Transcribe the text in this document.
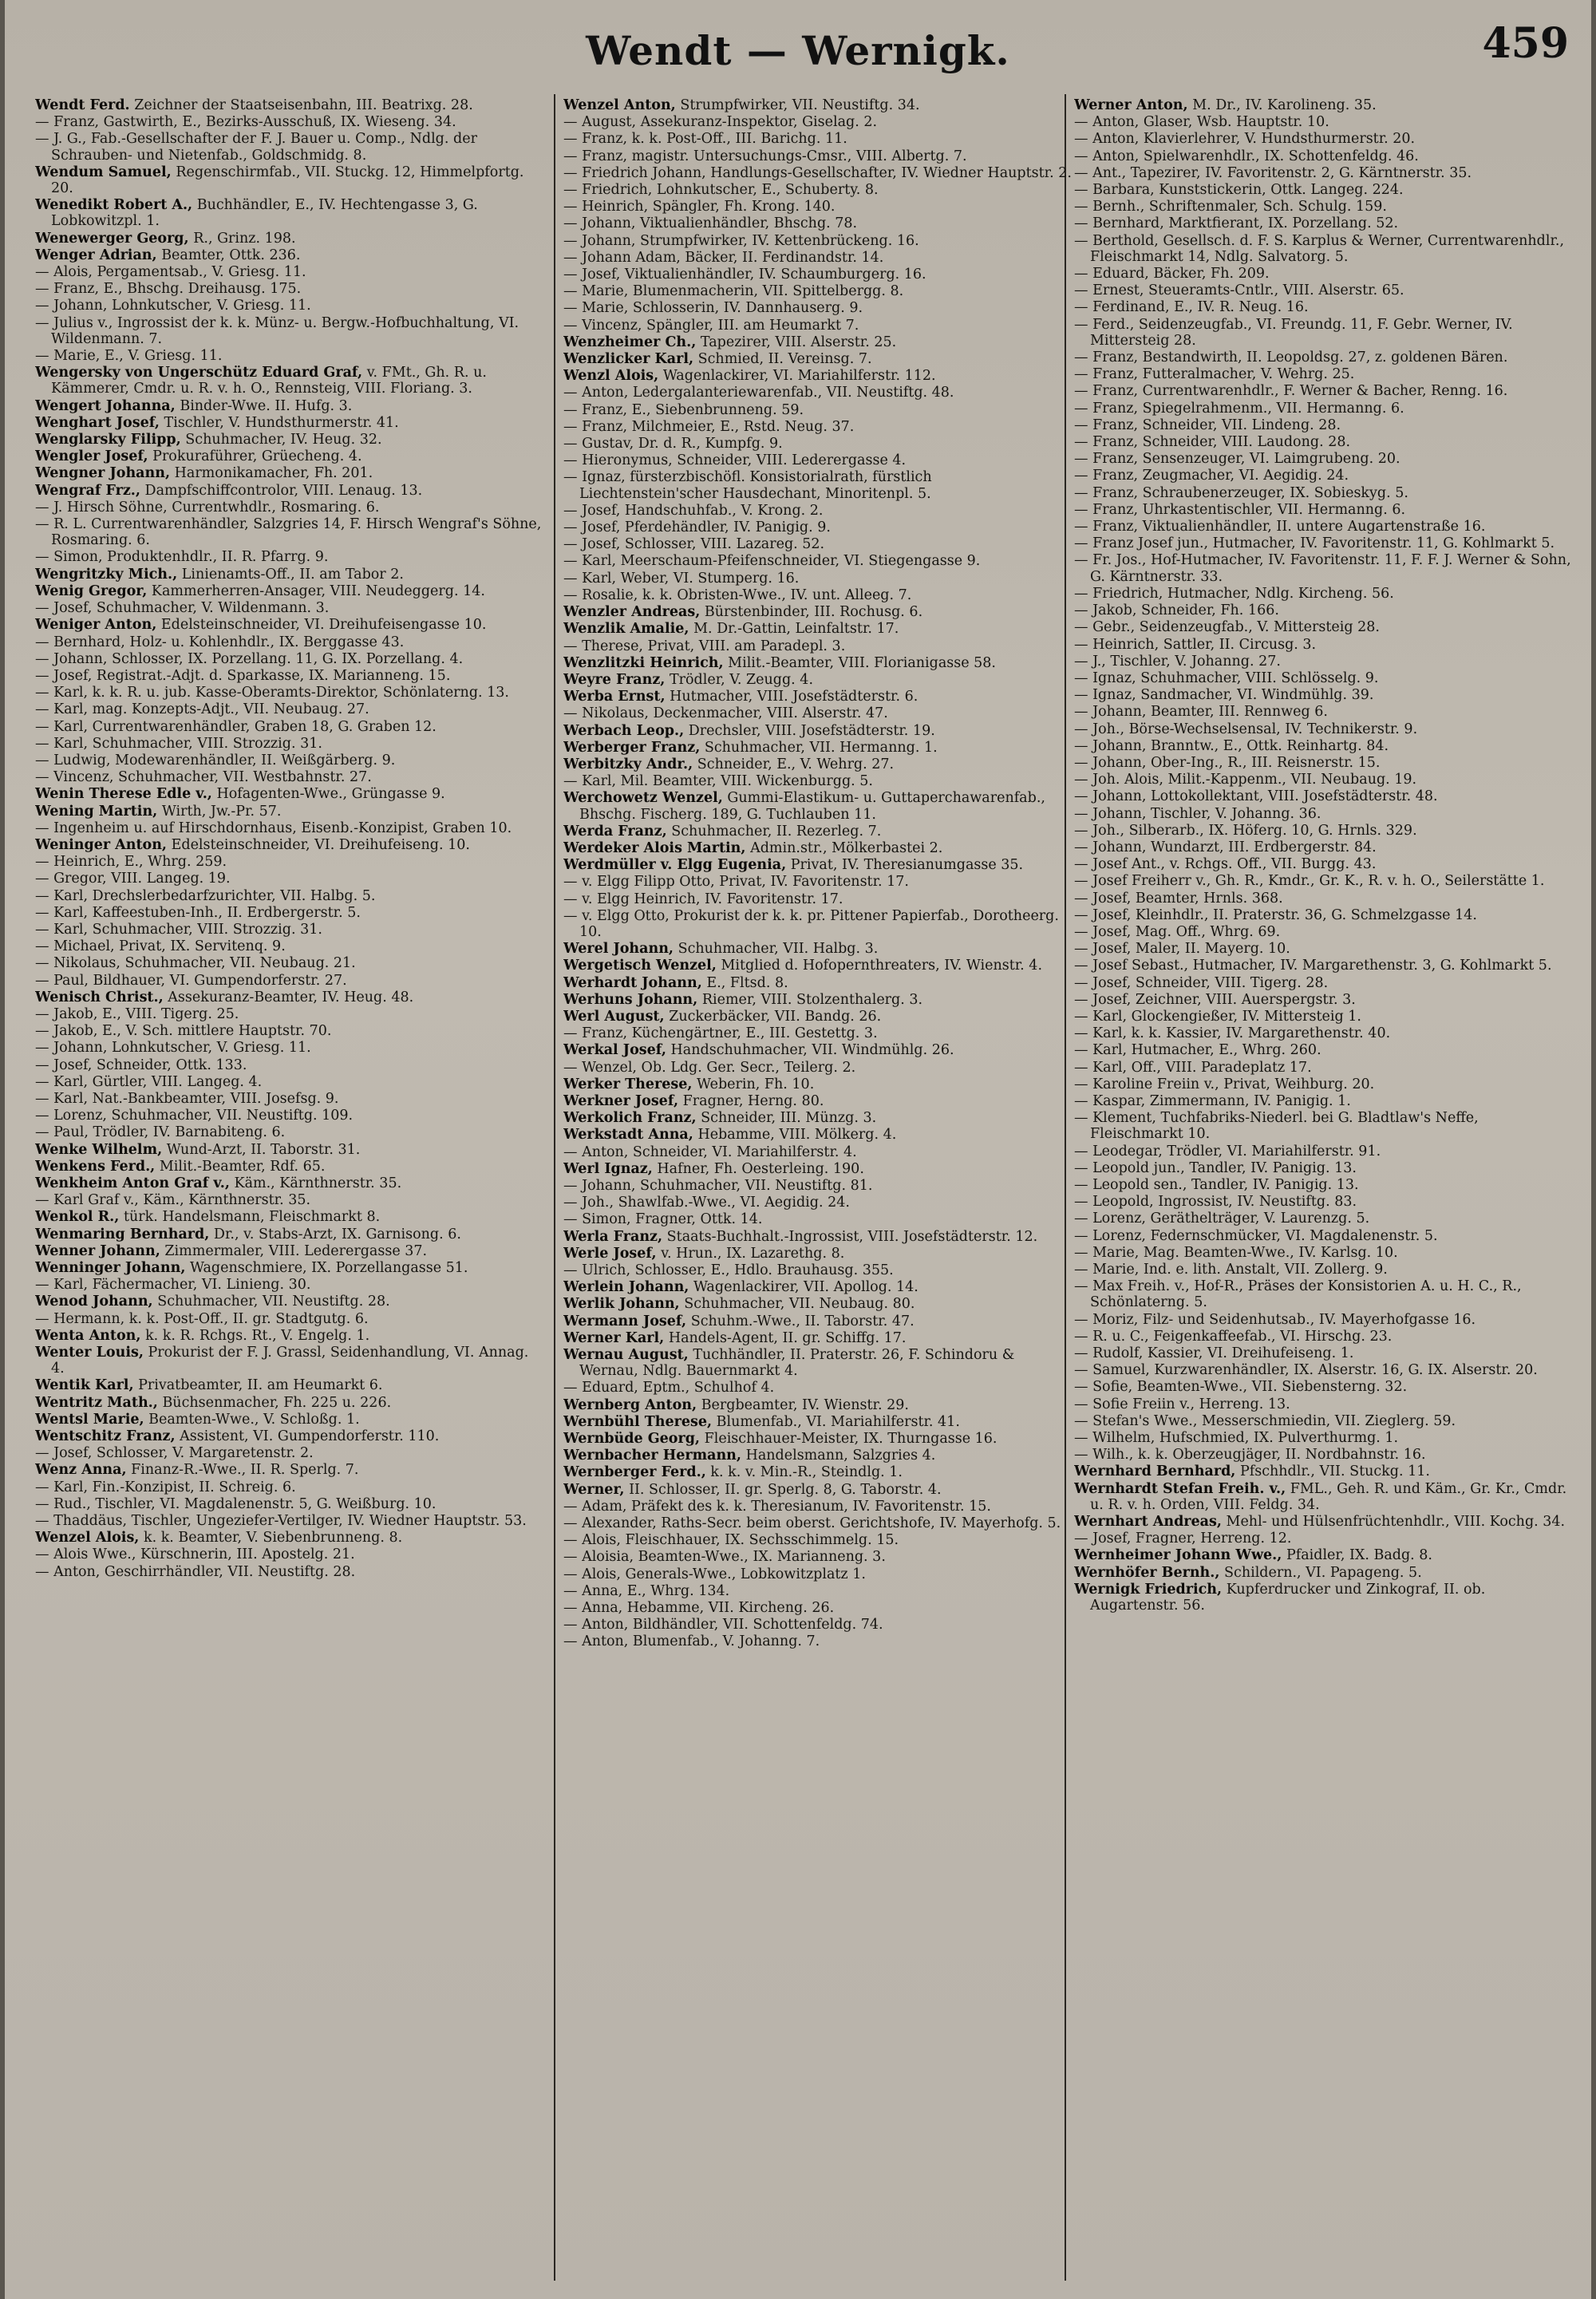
Wendt — Wernigk.	459
Wendt Ferd. Zeichner der Staatseisenbahn, III. Beatrixg. 28.
— Franz, Gastwirth, E., Bezirks-Ausschuß, IX. Wieseng. 34.
— J. G., Fab.-Gesellschafter der F. J. Bauer u. Comp., Ndlg. der Schrauben- und Nietenfab., Goldschmidg. 8.
Wendum Samuel, Regenschirmfab., VII. Stuckg. 12, Himmelpfortg. 20.
Wenedikt Robert A., Buchhändler, E., IV. Hechtengasse 3, G. Lobkowitzpl. 1.
Wenewerger Georg, R., Grinz. 198.
Wenger Adrian, Beamter, Ottk. 236.
— Alois, Pergamentsab., V. Griesg. 11.
— Franz, E., Bhschg. Dreihausg. 175.
— Johann, Lohnkutscher, V. Griesg. 11.
— Julius v., Ingrossist der k. k. Münz- u. Bergw.-Hofbuchhaltung, VI. Wildenmann. 7.
— Marie, E., V. Griesg. 11.
Wengersky von Ungerschütz Eduard Graf, v. FMt., Gh. R. u. Kämmerer, Cmdr. u. R. v. h. O., Rennsteig, VIII. Floriang. 3.
Wengert Johanna, Binder-Wwe. II. Hufg. 3.
Wenghart Josef, Tischler, V. Hundsthurmerstr. 41.
Wenglarsky Filipp, Schuhmacher, IV. Heug. 32.
Wengler Josef, Prokuraführer, Grüecheng. 4.
Wengner Johann, Harmonikamacher, Fh. 201.
Wengraf Frz., Dampfschiffcontrolor, VIII. Lenaug. 13.
— J. Hirsch Söhne, Currentwhdlr., Rosmaring. 6.
— R. L. Currentwarenhändler, Salzgries 14, F. Hirsch Wengraf's Söhne, Rosmaring. 6.
— Simon, Produktenhdlr., II. R. Pfarrg. 9.
Wengritzky Mich., Linienamts-Off., II. am Tabor 2.
Wenig Gregor, Kammerherren-Ansager, VIII. Neudeggerg. 14.
— Josef, Schuhmacher, V. Wildenmann. 3.
Weniger Anton, Edelsteinschneider, VI. Dreihufeisengasse 10.
— Bernhard, Holz- u. Kohlenhdlr., IX. Berggasse 43.
— Johann, Schlosser, IX. Porzellang. 11, G. IX. Porzellang. 4.
— Josef, Registrat.-Adjt. d. Sparkasse, IX. Marianneng. 15.
— Karl, k. k. R. u. jub. Kasse-Oberamts-Direktor, Schönlaterng. 13.
— Karl, mag. Konzepts-Adjt., VII. Neubaug. 27.
— Karl, Currentwarenhändler, Graben 18, G. Graben 12.
— Karl, Schuhmacher, VIII. Strozzig. 31.
— Ludwig, Modewarenhändler, II. Weißgärberg. 9.
— Vincenz, Schuhmacher, VII. Westbahnstr. 27.
Wenin Therese Edle v., Hofagenten-Wwe., Grüngasse 9.
Wening Martin, Wirth, Jw.-Pr. 57.
— Ingenheim u. auf Hirschdornhaus, Eisenb.-Konzipist, Graben 10.
Weninger Anton, Edelsteinschneider, VI. Dreihufeiseng. 10.
— Heinrich, E., Whrg. 259.
— Gregor, VIII. Langeg. 19.
— Karl, Drechslerbedarfzurichter, VII. Halbg. 5.
— Karl, Kaffeestuben-Inh., II. Erdbergerstr. 5.
— Karl, Schuhmacher, VIII. Strozzig. 31.
— Michael, Privat, IX. Servitenq. 9.
— Nikolaus, Schuhmacher, VII. Neubaug. 21.
— Paul, Bildhauer, VI. Gumpendorferstr. 27.
Wenisch Christ., Assekuranz-Beamter, IV. Heug. 48.
— Jakob, E., VIII. Tigerg. 25.
— Jakob, E., V. Sch. mittlere Hauptstr. 70.
— Johann, Lohnkutscher, V. Griesg. 11.
— Josef, Schneider, Ottk. 133.
— Karl, Gürtler, VIII. Langeg. 4.
— Karl, Nat.-Bankbeamter, VIII. Josefsg. 9.
— Lorenz, Schuhmacher, VII. Neustiftg. 109.
— Paul, Trödler, IV. Barnabiteng. 6.
Wenke Wilhelm, Wund-Arzt, II. Taborstr. 31.
Wenkens Ferd., Milit.-Beamter, Rdf. 65.
Wenkheim Anton Graf v., Käm., Kärnthnerstr. 35.
— Karl Graf v., Käm., Kärnthnerstr. 35.
Wenkol R., türk. Handelsmann, Fleischmarkt 8.
Wenmaring Bernhard, Dr., v. Stabs-Arzt, IX. Garnisong. 6.
Wenner Johann, Zimmermaler, VIII. Lederergasse 37.
Wenninger Johann, Wagenschmiere, IX. Porzellangasse 51.
— Karl, Fächermacher, VI. Linieng. 30.
Wenod Johann, Schuhmacher, VII. Neustiftg. 28.
— Hermann, k. k. Post-Off., II. gr. Stadtgutg. 6.
Wenta Anton, k. k. R. Rchgs. Rt., V. Engelg. 1.
Wenter Louis, Prokurist der F. J. Grassl, Seidenhandlung, VI. Annag. 4.
Wentik Karl, Privatbeamter, II. am Heumarkt 6.
Wentritz Math., Büchsenmacher, Fh. 225 u. 226.
Wentsl Marie, Beamten-Wwe., V. Schloßg. 1.
Wentschitz Franz, Assistent, VI. Gumpendorferstr. 110.
— Josef, Schlosser, V. Margaretenstr. 2.
Wenz Anna, Finanz-R.-Wwe., II. R. Sperlg. 7.
— Karl, Fin.-Konzipist, II. Schreig. 6.
— Rud., Tischler, VI. Magdalenenstr. 5, G. Weißburg. 10.
— Thaddäus, Tischler, Ungeziefer-Vertilger, IV. Wiedner Hauptstr. 53.
Wenzel Alois, k. k. Beamter, V. Siebenbrunneng. 8.
— Alois Wwe., Kürschnerin, III. Apostelg. 21.
— Anton, Geschirrhändler, VII. Neustiftg. 28.
Wenzel Anton, Strumpfwirker, VII. Neustiftg. 34.
— August, Assekuranz-Inspektor, Giselag. 2.
— Franz, k. k. Post-Off., III. Barichg. 11.
— Franz, magistr. Untersuchungs-Cmsr., VIII. Albertg. 7.
— Friedrich Johann, Handlungs-Gesellschafter, IV. Wiedner Hauptstr. 2.
— Friedrich, Lohnkutscher, E., Schuberty. 8.
— Heinrich, Spängler, Fh. Krong. 140.
— Johann, Viktualienhändler, Bhschg. 78.
— Johann, Strumpfwirker, IV. Kettenbrückeng. 16.
— Johann Adam, Bäcker, II. Ferdinandstr. 14.
— Josef, Viktualienhändler, IV. Schaumburgerg. 16.
— Marie, Blumenmacherin, VII. Spittelbergg. 8.
— Marie, Schlosserin, IV. Dannhauserg. 9.
— Vincenz, Spängler, III. am Heumarkt 7.
Wenzheimer Ch., Tapezirer, VIII. Alserstr. 25.
Wenzlicker Karl, Schmied, II. Vereinsg. 7.
Wenzl Alois, Wagenlackirer, VI. Mariahilferstr. 112.
— Anton, Ledergalanteriewarenfab., VII. Neustiftg. 48.
— Franz, E., Siebenbrunneng. 59.
— Franz, Milchmeier, E., Rstd. Neug. 37.
— Gustav, Dr. d. R., Kumpfg. 9.
— Hieronymus, Schneider, VIII. Lederergasse 4.
— Ignaz, fürsterzbischöfl. Konsistorialrath, fürstlich Liechtenstein'scher Hausdechant, Minoritenpl. 5.
— Josef, Handschuhfab., V. Krong. 2.
— Josef, Pferdehändler, IV. Panigig. 9.
— Josef, Schlosser, VIII. Lazareg. 52.
— Karl, Meerschaum-Pfeifenschneider, VI. Stiegengasse 9.
— Karl, Weber, VI. Stumperg. 16.
— Rosalie, k. k. Obristen-Wwe., IV. unt. Alleeg. 7.
Wenzler Andreas, Bürstenbinder, III. Rochusg. 6.
Wenzlik Amalie, M. Dr.-Gattin, Leinfaltstr. 17.
— Therese, Privat, VIII. am Paradepl. 3.
Wenzlitzki Heinrich, Milit.-Beamter, VIII. Florianigasse 58.
Weyre Franz, Trödler, V. Zeugg. 4.
Werba Ernst, Hutmacher, VIII. Josefstädterstr. 6.
— Nikolaus, Deckenmacher, VIII. Alserstr. 47.
Werbach Leop., Drechsler, VIII. Josefstädterstr. 19.
Werberger Franz, Schuhmacher, VII. Hermanng. 1.
Werbitzky Andr., Schneider, E., V. Wehrg. 27.
— Karl, Mil. Beamter, VIII. Wickenburgg. 5.
Werchowetz Wenzel, Gummi-Elastikum- u. Guttaperchawarenfab., Bhschg. Fischerg. 189, G. Tuchlauben 11.
Werda Franz, Schuhmacher, II. Rezerleg. 7.
Werdeker Alois Martin, Admin.str., Mölkerbastei 2.
Werdmüller v. Elgg Eugenia, Privat, IV. Theresianumgasse 35.
— v. Elgg Filipp Otto, Privat, IV. Favoritenstr. 17.
— v. Elgg Heinrich, IV. Favoritenstr. 17.
— v. Elgg Otto, Prokurist der k. k. pr. Pittener Papierfab., Dorotheerg. 10.
Werel Johann, Schuhmacher, VII. Halbg. 3.
Wergetisch Wenzel, Mitglied d. Hofopernthreaters, IV. Wienstr. 4.
Werhardt Johann, E., Fltsd. 8.
Werhuns Johann, Riemer, VIII. Stolzenthalerg. 3.
Werl August, Zuckerbäcker, VII. Bandg. 26.
— Franz, Küchengärtner, E., III. Gestettg. 3.
Werkal Josef, Handschuhmacher, VII. Windmühlg. 26.
— Wenzel, Ob. Ldg. Ger. Secr., Teilerg. 2.
Werker Therese, Weberin, Fh. 10.
Werkner Josef, Fragner, Herng. 80.
Werkolich Franz, Schneider, III. Münzg. 3.
Werkstadt Anna, Hebamme, VIII. Mölkerg. 4.
— Anton, Schneider, VI. Mariahilferstr. 4.
Werl Ignaz, Hafner, Fh. Oesterleing. 190.
— Johann, Schuhmacher, VII. Neustiftg. 81.
— Joh., Shawlfab.-Wwe., VI. Aegidig. 24.
— Simon, Fragner, Ottk. 14.
Werla Franz, Staats-Buchhalt.-Ingrossist, VIII. Josefstädterstr. 12.
Werle Josef, v. Hrun., IX. Lazarethg. 8.
— Ulrich, Schlosser, E., Hdlo. Brauhausg. 355.
Werlein Johann, Wagenlackirer, VII. Apollog. 14.
Werlik Johann, Schuhmacher, VII. Neubaug. 80.
Wermann Josef, Schuhm.-Wwe., II. Taborstr. 47.
Werner Karl, Handels-Agent, II. gr. Schiffg. 17.
Wernau August, Tuchhändler, II. Praterstr. 26, F. Schindoru & Wernau, Ndlg. Bauernmarkt 4.
— Eduard, Eptm., Schulhof 4.
Wernberg Anton, Bergbeamter, IV. Wienstr. 29.
Wernbühl Therese, Blumenfab., VI. Mariahilferstr. 41.
Wernbüde Georg, Fleischhauer-Meister, IX. Thurngasse 16.
Wernbacher Hermann, Handelsmann, Salzgries 4.
Wernberger Ferd., k. k. v. Min.-R., Steindlg. 1.
Werner, II. Schlosser, II. gr. Sperlg. 8, G. Taborstr. 4.
— Adam, Präfekt des k. k. Theresianum, IV. Favoritenstr. 15.
— Alexander, Raths-Secr. beim oberst. Gerichtshofe, IV. Mayerhofg. 5.
— Alois, Fleischhauer, IX. Sechsschimmelg. 15.
— Aloisia, Beamten-Wwe., IX. Marianneng. 3.
— Alois, Generals-Wwe., Lobkowitzplatz 1.
— Anna, E., Whrg. 134.
— Anna, Hebamme, VII. Kircheng. 26.
— Anton, Bildhändler, VII. Schottenfeldg. 74.
— Anton, Blumenfab., V. Johanng. 7.
Werner Anton, M. Dr., IV. Karolineng. 35.
— Anton, Glaser, Wsb. Hauptstr. 10.
— Anton, Klavierlehrer, V. Hundsthurmerstr. 20.
— Anton, Spielwarenhdlr., IX. Schottenfeldg. 46.
— Ant., Tapezirer, IV. Favoritenstr. 2, G. Kärntnerstr. 35.
— Barbara, Kunststickerin, Ottk. Langeg. 224.
— Bernh., Schriftenmaler, Sch. Schulg. 159.
— Bernhard, Marktfierant, IX. Porzellang. 52.
— Berthold, Gesellsch. d. F. S. Karplus & Werner, Currentwarenhdlr., Fleischmarkt 14, Ndlg. Salvatorg. 5.
— Eduard, Bäcker, Fh. 209.
— Ernest, Steueramts-Cntlr., VIII. Alserstr. 65.
— Ferdinand, E., IV. R. Neug. 16.
— Ferd., Seidenzeugfab., VI. Freundg. 11, F. Gebr. Werner, IV. Mittersteig 28.
— Franz, Bestandwirth, II. Leopoldsg. 27, z. goldenen Bären.
— Franz, Futteralmacher, V. Wehrg. 25.
— Franz, Currentwarenhdlr., F. Werner & Bacher, Renng. 16.
— Franz, Spiegelrahmenm., VII. Hermanng. 6.
— Franz, Schneider, VII. Lindeng. 28.
— Franz, Schneider, VIII. Laudong. 28.
— Franz, Sensenzeuger, VI. Laimgrubeng. 20.
— Franz, Zeugmacher, VI. Aegidig. 24.
— Franz, Schraubenerzeuger, IX. Sobieskyg. 5.
— Franz, Uhrkastentischler, VII. Hermanng. 6.
— Franz, Viktualienhändler, II. untere Augartenstraße 16.
— Franz Josef jun., Hutmacher, IV. Favoritenstr. 11, G. Kohlmarkt 5.
— Fr. Jos., Hof-Hutmacher, IV. Favoritenstr. 11, F. F. J. Werner & Sohn, G. Kärntnerstr. 33.
— Friedrich, Hutmacher, Ndlg. Kircheng. 56.
— Jakob, Schneider, Fh. 166.
— Gebr., Seidenzeugfab., V. Mittersteig 28.
— Heinrich, Sattler, II. Circusg. 3.
— J., Tischler, V. Johanng. 27.
— Ignaz, Schuhmacher, VIII. Schlösselg. 9.
— Ignaz, Sandmacher, VI. Windmühlg. 39.
— Johann, Beamter, III. Rennweg 6.
— Joh., Börse-Wechselsensal, IV. Technikerstr. 9.
— Johann, Branntw., E., Ottk. Reinhartg. 84.
— Johann, Ober-Ing., R., III. Reisnerstr. 15.
— Joh. Alois, Milit.-Kappenm., VII. Neubaug. 19.
— Johann, Lottokollektant, VIII. Josefstädterstr. 48.
— Johann, Tischler, V. Johanng. 36.
— Joh., Silberarb., IX. Höferg. 10, G. Hrnls. 329.
— Johann, Wundarzt, III. Erdbergerstr. 84.
— Josef Ant., v. Rchgs. Off., VII. Burgg. 43.
— Josef Freiherr v., Gh. R., Kmdr., Gr. K., R. v. h. O., Seilerstätte 1.
— Josef, Beamter, Hrnls. 368.
— Josef, Kleinhdlr., II. Praterstr. 36, G. Schmelzgasse 14.
— Josef, Mag. Off., Whrg. 69.
— Josef, Maler, II. Mayerg. 10.
— Josef Sebast., Hutmacher, IV. Margarethenstr. 3, G. Kohlmarkt 5.
— Josef, Schneider, VIII. Tigerg. 28.
— Josef, Zeichner, VIII. Auerspergstr. 3.
— Karl, Glockengießer, IV. Mittersteig 1.
— Karl, k. k. Kassier, IV. Margarethenstr. 40.
— Karl, Hutmacher, E., Whrg. 260.
— Karl, Off., VIII. Paradeplatz 17.
— Karoline Freiin v., Privat, Weihburg. 20.
— Kaspar, Zimmermann, IV. Panigig. 1.
— Klement, Tuchfabriks-Niederl. bei G. Bladtlaw's Neffe, Fleischmarkt 10.
— Leodegar, Trödler, VI. Mariahilferstr. 91.
— Leopold jun., Tandler, IV. Panigig. 13.
— Leopold sen., Tandler, IV. Panigig. 13.
— Leopold, Ingrossist, IV. Neustiftg. 83.
— Lorenz, Geräthelträger, V. Laurenzg. 5.
— Lorenz, Federnschmücker, VI. Magdalenenstr. 5.
— Marie, Mag. Beamten-Wwe., IV. Karlsg. 10.
— Marie, Ind. e. lith. Anstalt, VII. Zollerg. 9.
— Max Freih. v., Hof-R., Präses der Konsistorien A. u. H. C., R., Schönlaterng. 5.
— Moriz, Filz- und Seidenhutsab., IV. Mayerhofgasse 16.
— R. u. C., Feigenkaffeefab., VI. Hirschg. 23.
— Rudolf, Kassier, VI. Dreihufeiseng. 1.
— Samuel, Kurzwarenhändler, IX. Alserstr. 16, G. IX. Alserstr. 20.
— Sofie, Beamten-Wwe., VII. Siebensterng. 32.
— Sofie Freiin v., Herreng. 13.
— Stefan's Wwe., Messerschmiedin, VII. Zieglerg. 59.
— Wilhelm, Hufschmied, IX. Pulverthurmg. 1.
— Wilh., k. k. Oberzeugjäger, II. Nordbahnstr. 16.
Wernhard Bernhard, Pfschhdlr., VII. Stuckg. 11.
Wernhardt Stefan Freih. v., FML., Geh. R. und Käm., Gr. Kr., Cmdr. u. R. v. h. Orden, VIII. Feldg. 34.
Wernhart Andreas, Mehl- und Hülsenfrüchtenhdlr., VIII. Kochg. 34.
— Josef, Fragner, Herreng. 12.
Wernheimer Johann Wwe., Pfaidler, IX. Badg. 8.
Wernhöfer Bernh., Schildern., VI. Papageng. 5.
Wernigk Friedrich, Kupferdrucker und Zinkograf, II. ob. Augartenstr. 56.
